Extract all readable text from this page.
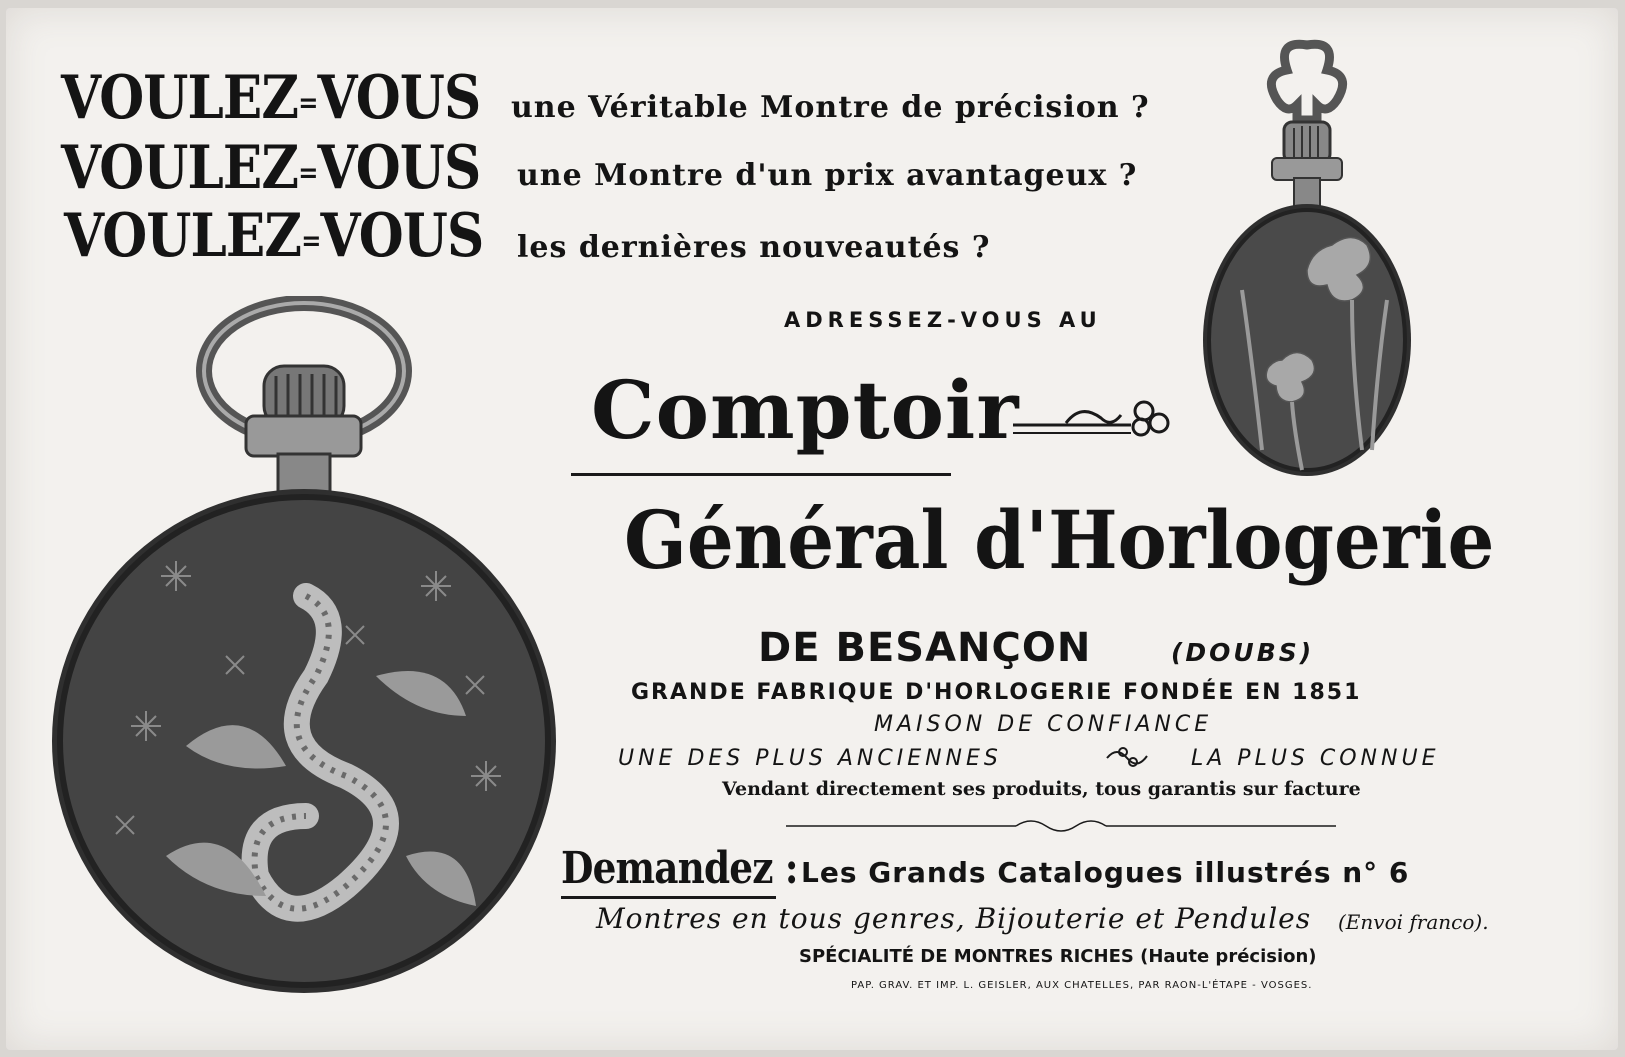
VOULEZ=VOUS une Véritable Montre de précision ?
VOULEZ=VOUS une Montre d'un prix avantageux ?
VOULEZ=VOUS les dernières nouveautés ?
ADRESSEZ‑VOUS AU
Comptoir
Général d'Horlogerie
DE BESANÇON	(DOUBS)
GRANDE FABRIQUE D'HORLOGERIE FONDÉE EN 1851
MAISON DE CONFIANCE
UNE DES PLUS ANCIENNES	LA PLUS CONNUE
Vendant directement ses produits, tous garantis sur facture
Demandez : Les Grands Catalogues illustrés n° 6
Montres en tous genres, Bijouterie et Pendules (Envoi franco).
SPÉCIALITÉ DE MONTRES RICHES (Haute précision)
PAP. GRAV. ET IMP. L. GEISLER, AUX CHATELLES, PAR RAON-L'ÉTAPE - VOSGES.
